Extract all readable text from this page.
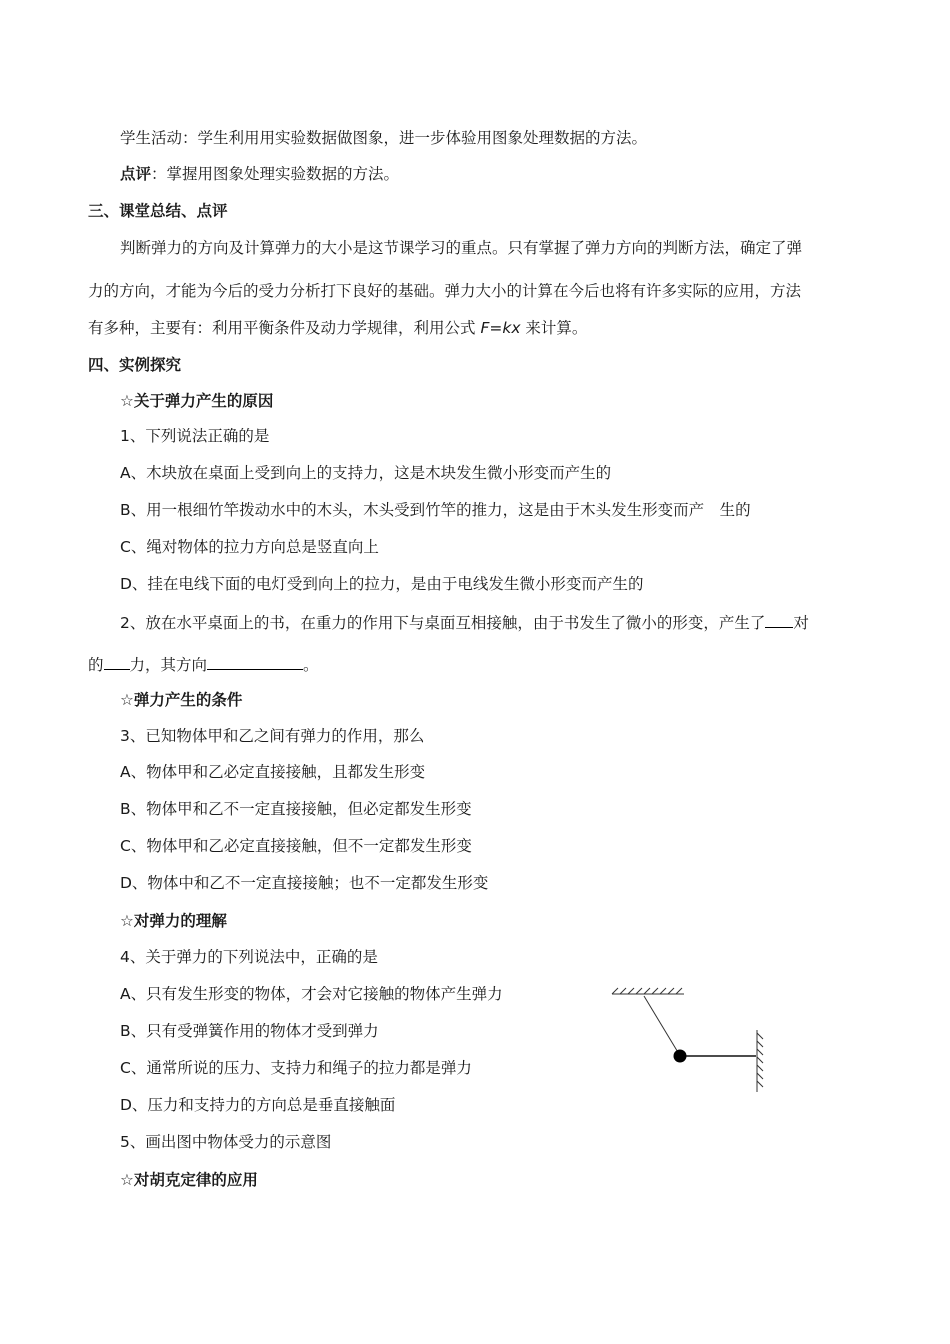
学生活动：学生利用用实验数据做图象，进一步体验用图象处理数据的方法。
点评：掌握用图象处理实验数据的方法。
三、课堂总结、点评
判断弹力的方向及计算弹力的大小是这节课学习的重点。只有掌握了弹力方向的判断方法，确定了弹
力的方向，才能为今后的受力分析打下良好的基础。弹力大小的计算在今后也将有许多实际的应用，方法
有多种，主要有：利用平衡条件及动力学规律，利用公式 F=kx 来计算。
四、实例探究
☆关于弹力产生的原因
1、下列说法正确的是
A、木块放在桌面上受到向上的支持力，这是木块发生微小形变而产生的
B、用一根细竹竿拨动水中的木头，木头受到竹竿的推力，这是由于木头发生形变而产　生的
C、绳对物体的拉力方向总是竖直向上
D、挂在电线下面的电灯受到向上的拉力，是由于电线发生微小形变而产生的
2、放在水平桌面上的书，在重力的作用下与桌面互相接触，由于书发生了微小的形变，产生了 对
的 力，其方向	。
☆弹力产生的条件
3、已知物体甲和乙之间有弹力的作用，那么
A、物体甲和乙必定直接接触，且都发生形变
B、物体甲和乙不一定直接接触，但必定都发生形变
C、物体甲和乙必定直接接触，但不一定都发生形变
D、物体中和乙不一定直接接触；也不一定都发生形变
☆对弹力的理解
4、关于弹力的下列说法中，正确的是
A、只有发生形变的物体，才会对它接触的物体产生弹力
B、只有受弹簧作用的物体才受到弹力
C、通常所说的压力、支持力和绳子的拉力都是弹力
D、压力和支持力的方向总是垂直接触面
5、画出图中物体受力的示意图
☆对胡克定律的应用
